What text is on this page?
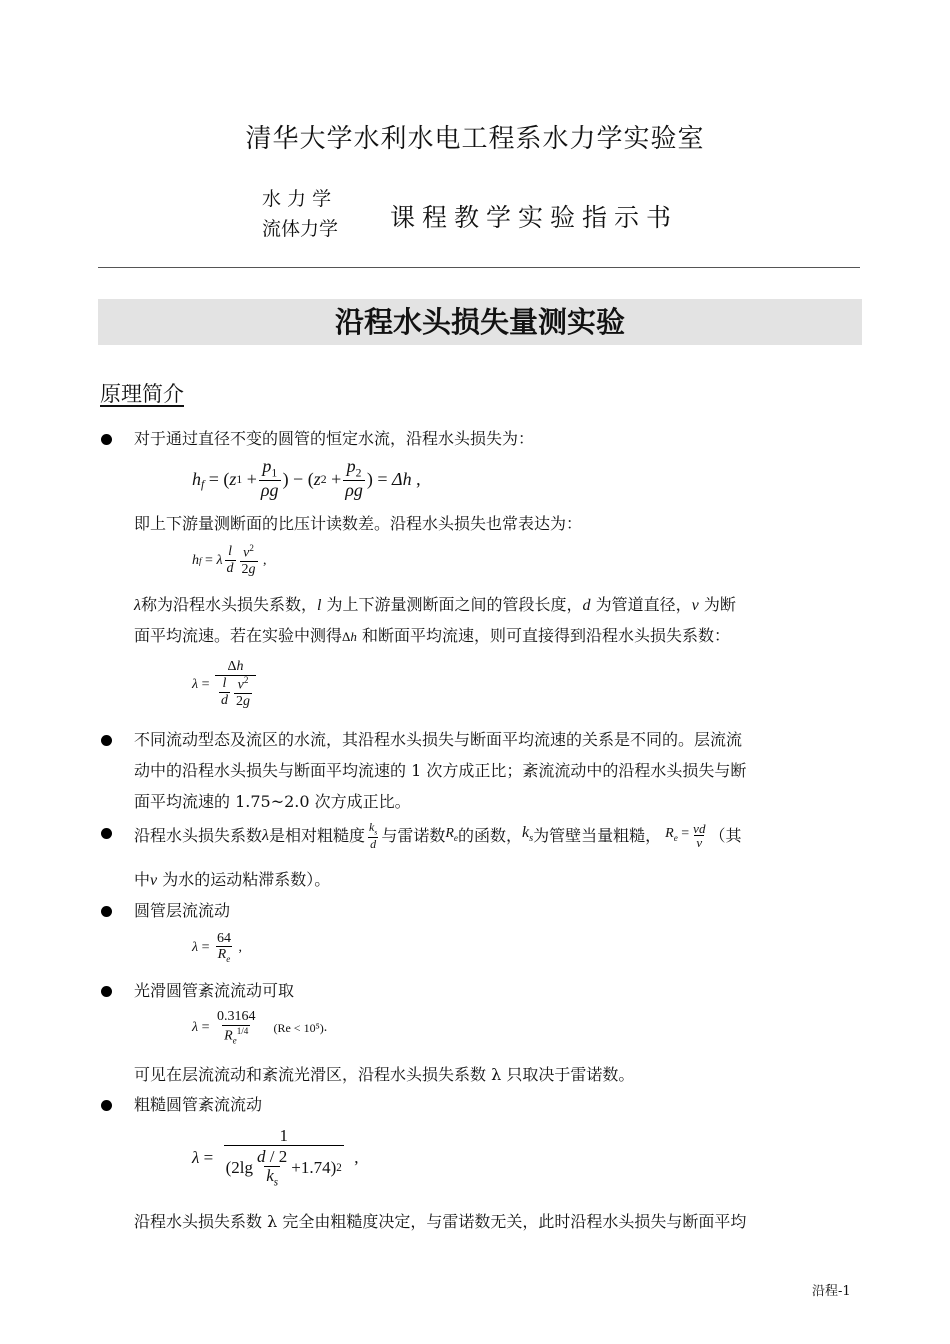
清华大学水利水电工程系水力学实验室
水 力 学
流体力学 课程教学实验指示书
沿程水头损失量测实验
原理简介
对于通过直径不变的圆管的恒定水流，沿程水头损失为：
$h_f$ = ( z $1 + \frac{p_1}{\rho g}$ ) − ( z $2 + \frac{p_2}{\rho g}$ ) = Δh ,
即上下游量测断面的比压计读数差。沿程水头损失也常表达为：
h f = λ $\frac{l}{d} \frac{v^2}{2g}$ ,
λ称为沿程水头损失系数，l 为上下游量测断面之间的管段长度，d 为管道直径，v 为断
面平均流速。若在实验中测得Δh 和断面平均流速，则可直接得到沿程水头损失系数：
$\lambda = \frac{\Delta h}{\frac{l}{d} \frac{v^2}{2g}}$
不同流动型态及流区的水流，其沿程水头损失与断面平均流速的关系是不同的。层流流
动中的沿程水头损失与断面平均流速的 1 次方成正比；紊流流动中的沿程水头损失与断
面平均流速的 1.75~2.0 次方成正比。
沿程水头损失系数 λ 是相对粗糙度 $\frac{k_s}{d}$ 与雷诺数 $R_e$ 的函数， $k_s$ 为管壁当量粗糙， $R_e = \frac{vd}{\nu}$ （其
中ν 为水的运动粘滞系数）。
圆管层流流动
$\lambda = \frac{64}{R_e}$ ,
光滑圆管紊流流动可取
$\lambda = \frac{0.3164}{R_e^{1/4}} (Re < 10^5)$ .
可见在层流流动和紊流光滑区，沿程水头损失系数 λ 只取决于雷诺数。
粗糙圆管紊流流动
$\lambda = \frac{1}{(2\lg \frac{d / 2}{k_s} +1.74) 2}$ ,
沿程水头损失系数 λ 完全由粗糙度决定，与雷诺数无关，此时沿程水头损失与断面平均
沿程-1
